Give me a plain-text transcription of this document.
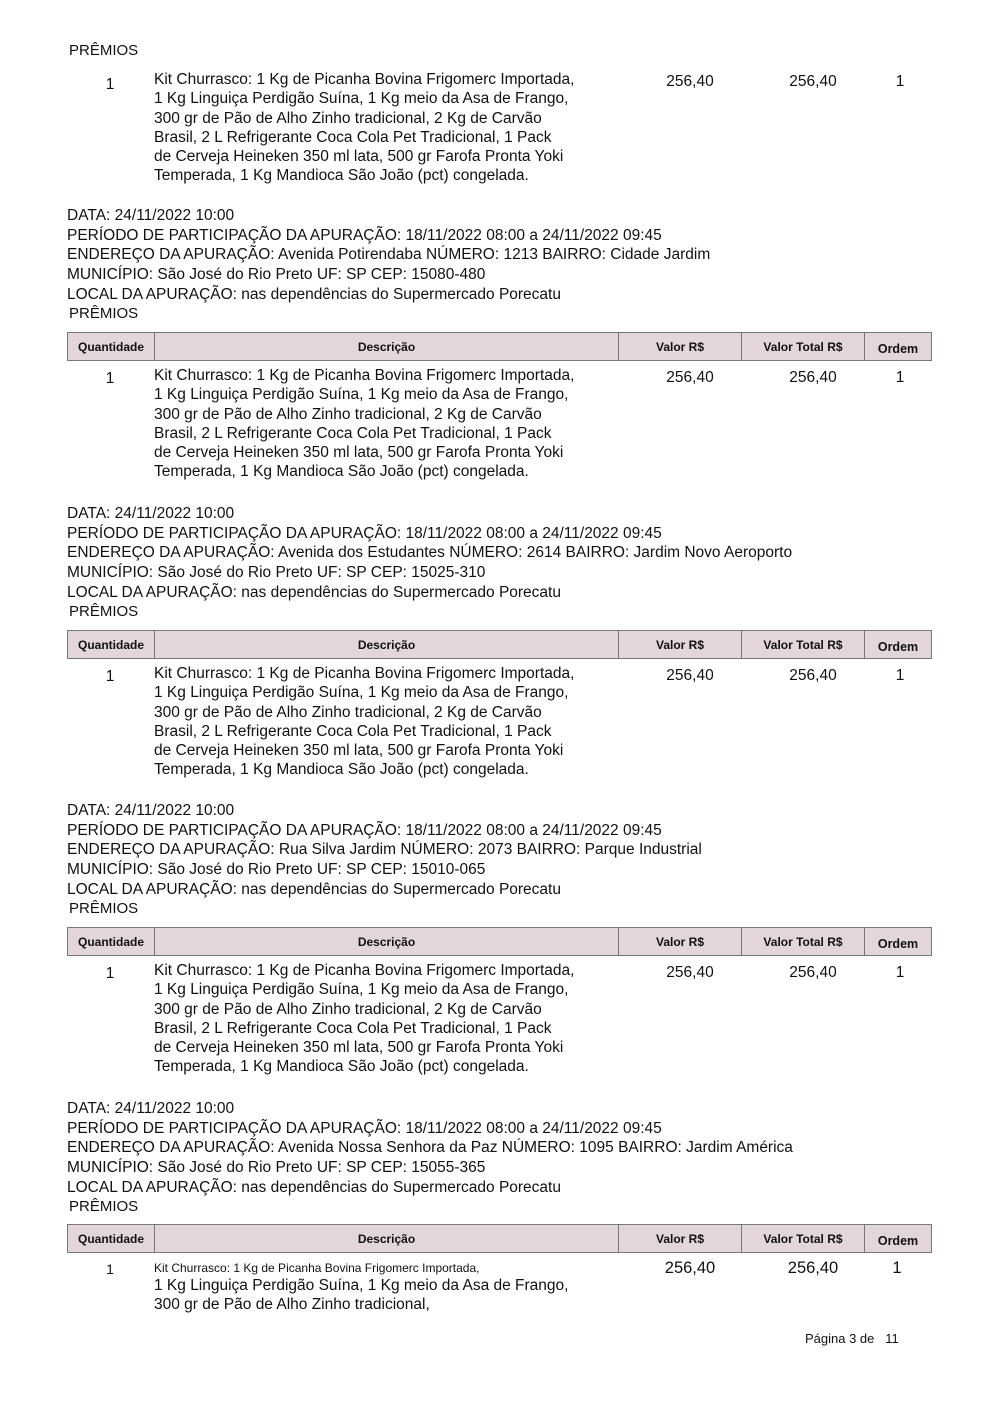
PRÊMIOS
1	Kit Churrasco: 1 Kg de Picanha Bovina Frigomerc Importada,
1 Kg Linguiça Perdigão Suína, 1 Kg meio da Asa de Frango,
300 gr de Pão de Alho Zinho tradicional, 2 Kg de Carvão
Brasil, 2 L Refrigerante Coca Cola Pet Tradicional, 1 Pack
de Cerveja Heineken 350 ml lata, 500 gr Farofa Pronta Yoki
Temperada, 1 Kg Mandioca São João (pct) congelada.
256,40	256,40	1
DATA: 24/11/2022 10:00
PERÍODO DE PARTICIPAÇÃO DA APURAÇÃO: 18/11/2022 08:00 a 24/11/2022 09:45
ENDEREÇO DA APURAÇÃO: Avenida Potirendaba NÚMERO: 1213 BAIRRO: Cidade Jardim
MUNICÍPIO: São José do Rio Preto UF: SP CEP: 15080-480
LOCAL DA APURAÇÃO: nas dependências do Supermercado Porecatu
PRÊMIOS
Quantidade	Descrição	Valor R$	Valor Total R$	Ordem
1	Kit Churrasco: 1 Kg de Picanha Bovina Frigomerc Importada,
1 Kg Linguiça Perdigão Suína, 1 Kg meio da Asa de Frango,
300 gr de Pão de Alho Zinho tradicional, 2 Kg de Carvão
Brasil, 2 L Refrigerante Coca Cola Pet Tradicional, 1 Pack
de Cerveja Heineken 350 ml lata, 500 gr Farofa Pronta Yoki
Temperada, 1 Kg Mandioca São João (pct) congelada.
256,40	256,40	1
DATA: 24/11/2022 10:00
PERÍODO DE PARTICIPAÇÃO DA APURAÇÃO: 18/11/2022 08:00 a 24/11/2022 09:45
ENDEREÇO DA APURAÇÃO: Avenida dos Estudantes NÚMERO: 2614 BAIRRO: Jardim Novo Aeroporto
MUNICÍPIO: São José do Rio Preto UF: SP CEP: 15025-310
LOCAL DA APURAÇÃO: nas dependências do Supermercado Porecatu
PRÊMIOS
Quantidade	Descrição	Valor R$	Valor Total R$	Ordem
1	Kit Churrasco: 1 Kg de Picanha Bovina Frigomerc Importada,
1 Kg Linguiça Perdigão Suína, 1 Kg meio da Asa de Frango,
300 gr de Pão de Alho Zinho tradicional, 2 Kg de Carvão
Brasil, 2 L Refrigerante Coca Cola Pet Tradicional, 1 Pack
de Cerveja Heineken 350 ml lata, 500 gr Farofa Pronta Yoki
Temperada, 1 Kg Mandioca São João (pct) congelada.
256,40	256,40	1
DATA: 24/11/2022 10:00
PERÍODO DE PARTICIPAÇÃO DA APURAÇÃO: 18/11/2022 08:00 a 24/11/2022 09:45
ENDEREÇO DA APURAÇÃO: Rua Silva Jardim NÚMERO: 2073 BAIRRO: Parque Industrial
MUNICÍPIO: São José do Rio Preto UF: SP CEP: 15010-065
LOCAL DA APURAÇÃO: nas dependências do Supermercado Porecatu
PRÊMIOS
Quantidade	Descrição	Valor R$	Valor Total R$	Ordem
1	Kit Churrasco: 1 Kg de Picanha Bovina Frigomerc Importada,
1 Kg Linguiça Perdigão Suína, 1 Kg meio da Asa de Frango,
300 gr de Pão de Alho Zinho tradicional, 2 Kg de Carvão
Brasil, 2 L Refrigerante Coca Cola Pet Tradicional, 1 Pack
de Cerveja Heineken 350 ml lata, 500 gr Farofa Pronta Yoki
Temperada, 1 Kg Mandioca São João (pct) congelada.
256,40	256,40	1
DATA: 24/11/2022 10:00
PERÍODO DE PARTICIPAÇÃO DA APURAÇÃO: 18/11/2022 08:00 a 24/11/2022 09:45
ENDEREÇO DA APURAÇÃO: Avenida Nossa Senhora da Paz NÚMERO: 1095 BAIRRO: Jardim América
MUNICÍPIO: São José do Rio Preto UF: SP CEP: 15055-365
LOCAL DA APURAÇÃO: nas dependências do Supermercado Porecatu
PRÊMIOS
Quantidade	Descrição	Valor R$	Valor Total R$	Ordem
1	Kit Churrasco: 1 Kg de Picanha Bovina Frigomerc Importada,
1 Kg Linguiça Perdigão Suína, 1 Kg meio da Asa de Frango,
300 gr de Pão de Alho Zinho tradicional,
256,40	256,40	1
Página 3 de   11
